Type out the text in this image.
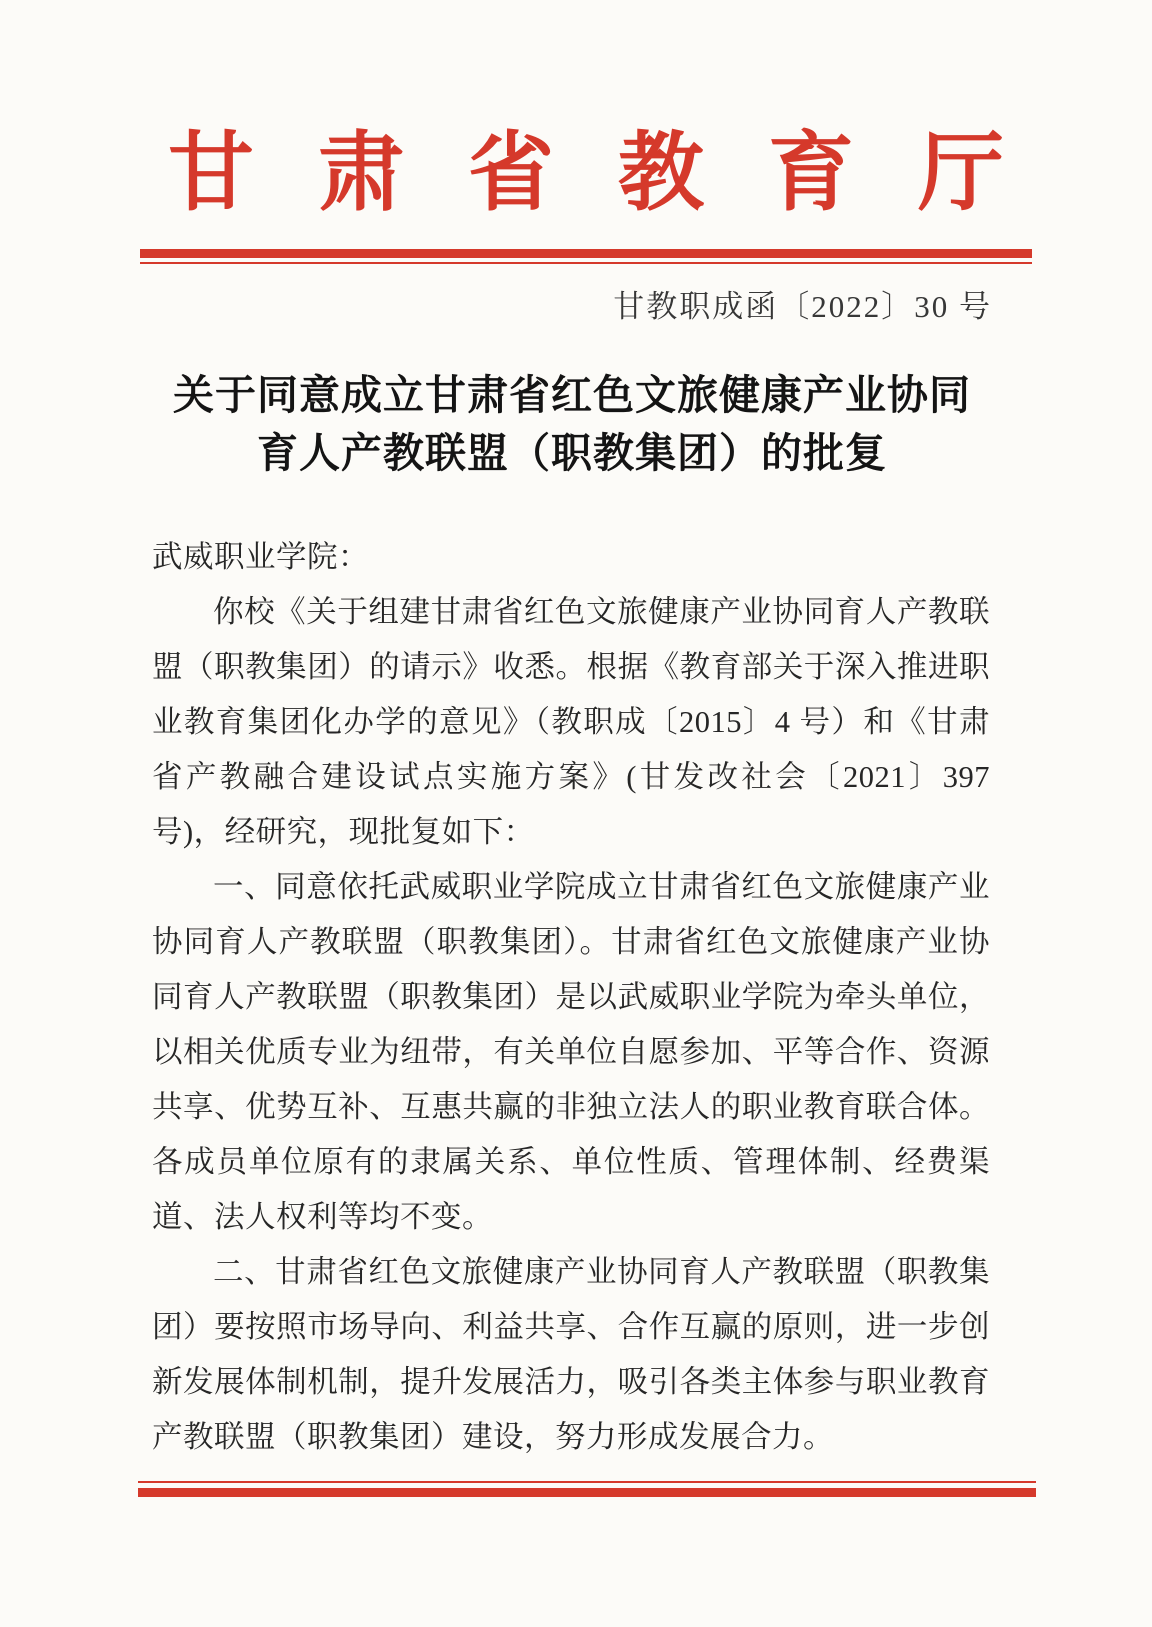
甘 肃 省 教 育 厅
甘教职成函〔2022〕30 号
关于同意成立甘肃省红色文旅健康产业协同
育人产教联盟（职教集团）的批复

武威职业学院：

你校《关于组建甘肃省红色文旅健康产业协同育人产教联盟（职教集团）的请示》收悉。根据《教育部关于深入推进职业教育集团化办学的意见》（教职成〔2015〕4 号）和《甘肃省产教融合建设试点实施方案》(甘发改社会〔2021〕397 号)，经研究，现批复如下：

一、同意依托武威职业学院成立甘肃省红色文旅健康产业协同育人产教联盟（职教集团）。甘肃省红色文旅健康产业协同育人产教联盟（职教集团）是以武威职业学院为牵头单位，以相关优质专业为纽带，有关单位自愿参加、平等合作、资源共享、优势互补、互惠共赢的非独立法人的职业教育联合体。各成员单位原有的隶属关系、单位性质、管理体制、经费渠道、法人权利等均不变。

二、甘肃省红色文旅健康产业协同育人产教联盟（职教集团）要按照市场导向、利益共享、合作互赢的原则，进一步创新发展体制机制，提升发展活力，吸引各类主体参与职业教育产教联盟（职教集团）建设，努力形成发展合力。
